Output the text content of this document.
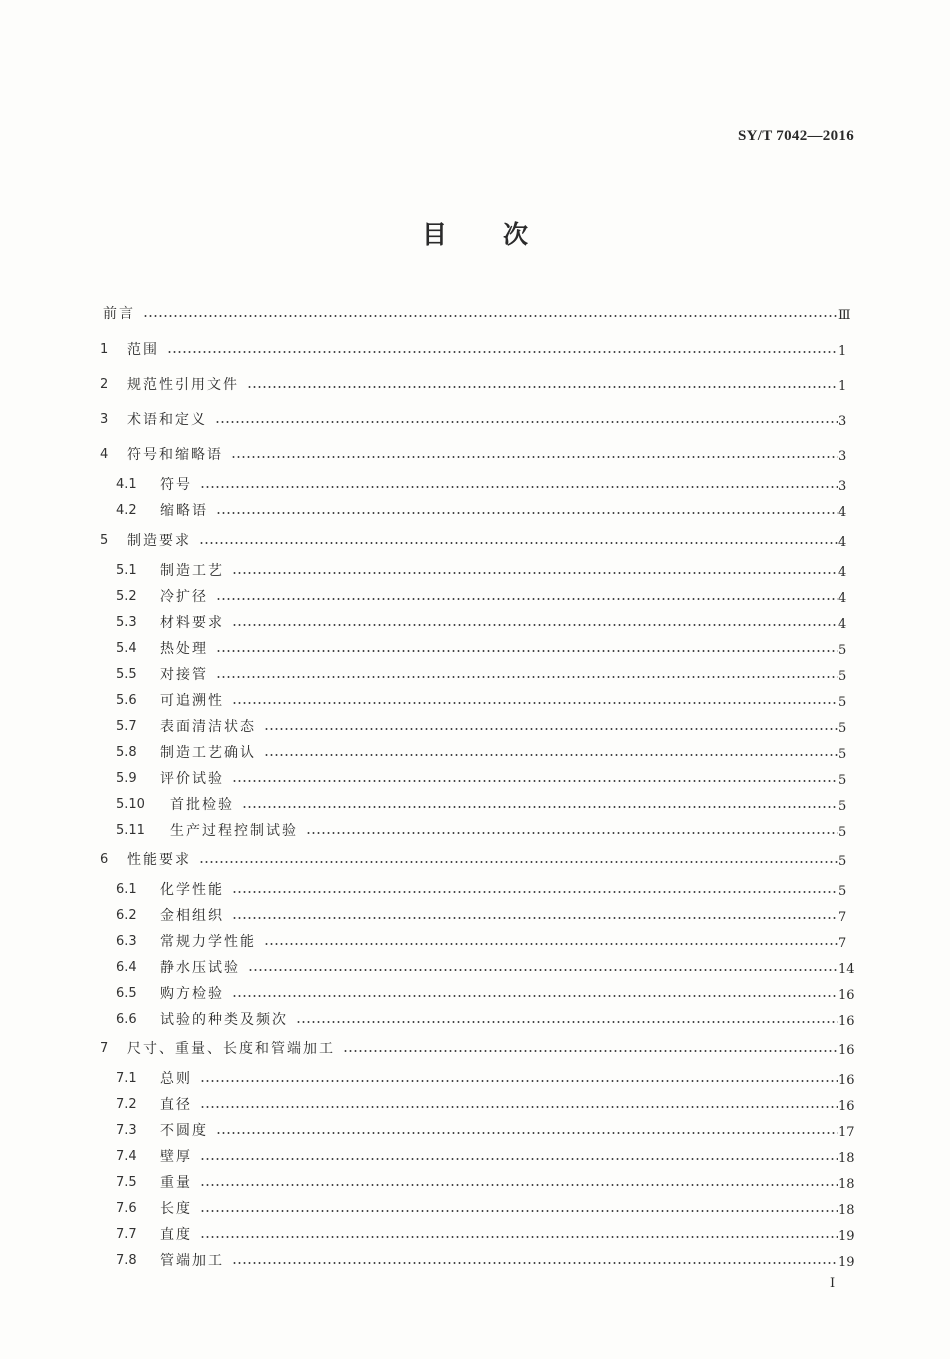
SY/T 7042—2016
目次
前言	Ⅲ
1 范围	1
2 规范性引用文件	1
3 术语和定义	3
4 符号和缩略语	3
4.1 符号	3
4.2 缩略语	4
5 制造要求	4
5.1 制造工艺	4
5.2 冷扩径	4
5.3 材料要求	4
5.4 热处理	5
5.5 对接管	5
5.6 可追溯性	5
5.7 表面清洁状态	5
5.8 制造工艺确认	5
5.9 评价试验	5
5.10 首批检验	5
5.11 生产过程控制试验	5
6 性能要求	5
6.1 化学性能	5
6.2 金相组织	7
6.3 常规力学性能	7
6.4 静水压试验	14
6.5 购方检验	16
6.6 试验的种类及频次	16
7 尺寸、重量、长度和管端加工	16
7.1 总则	16
7.2 直径	16
7.3 不圆度	17
7.4 壁厚	18
7.5 重量	18
7.6 长度	18
7.7 直度	19
7.8 管端加工	19
Ⅰ
